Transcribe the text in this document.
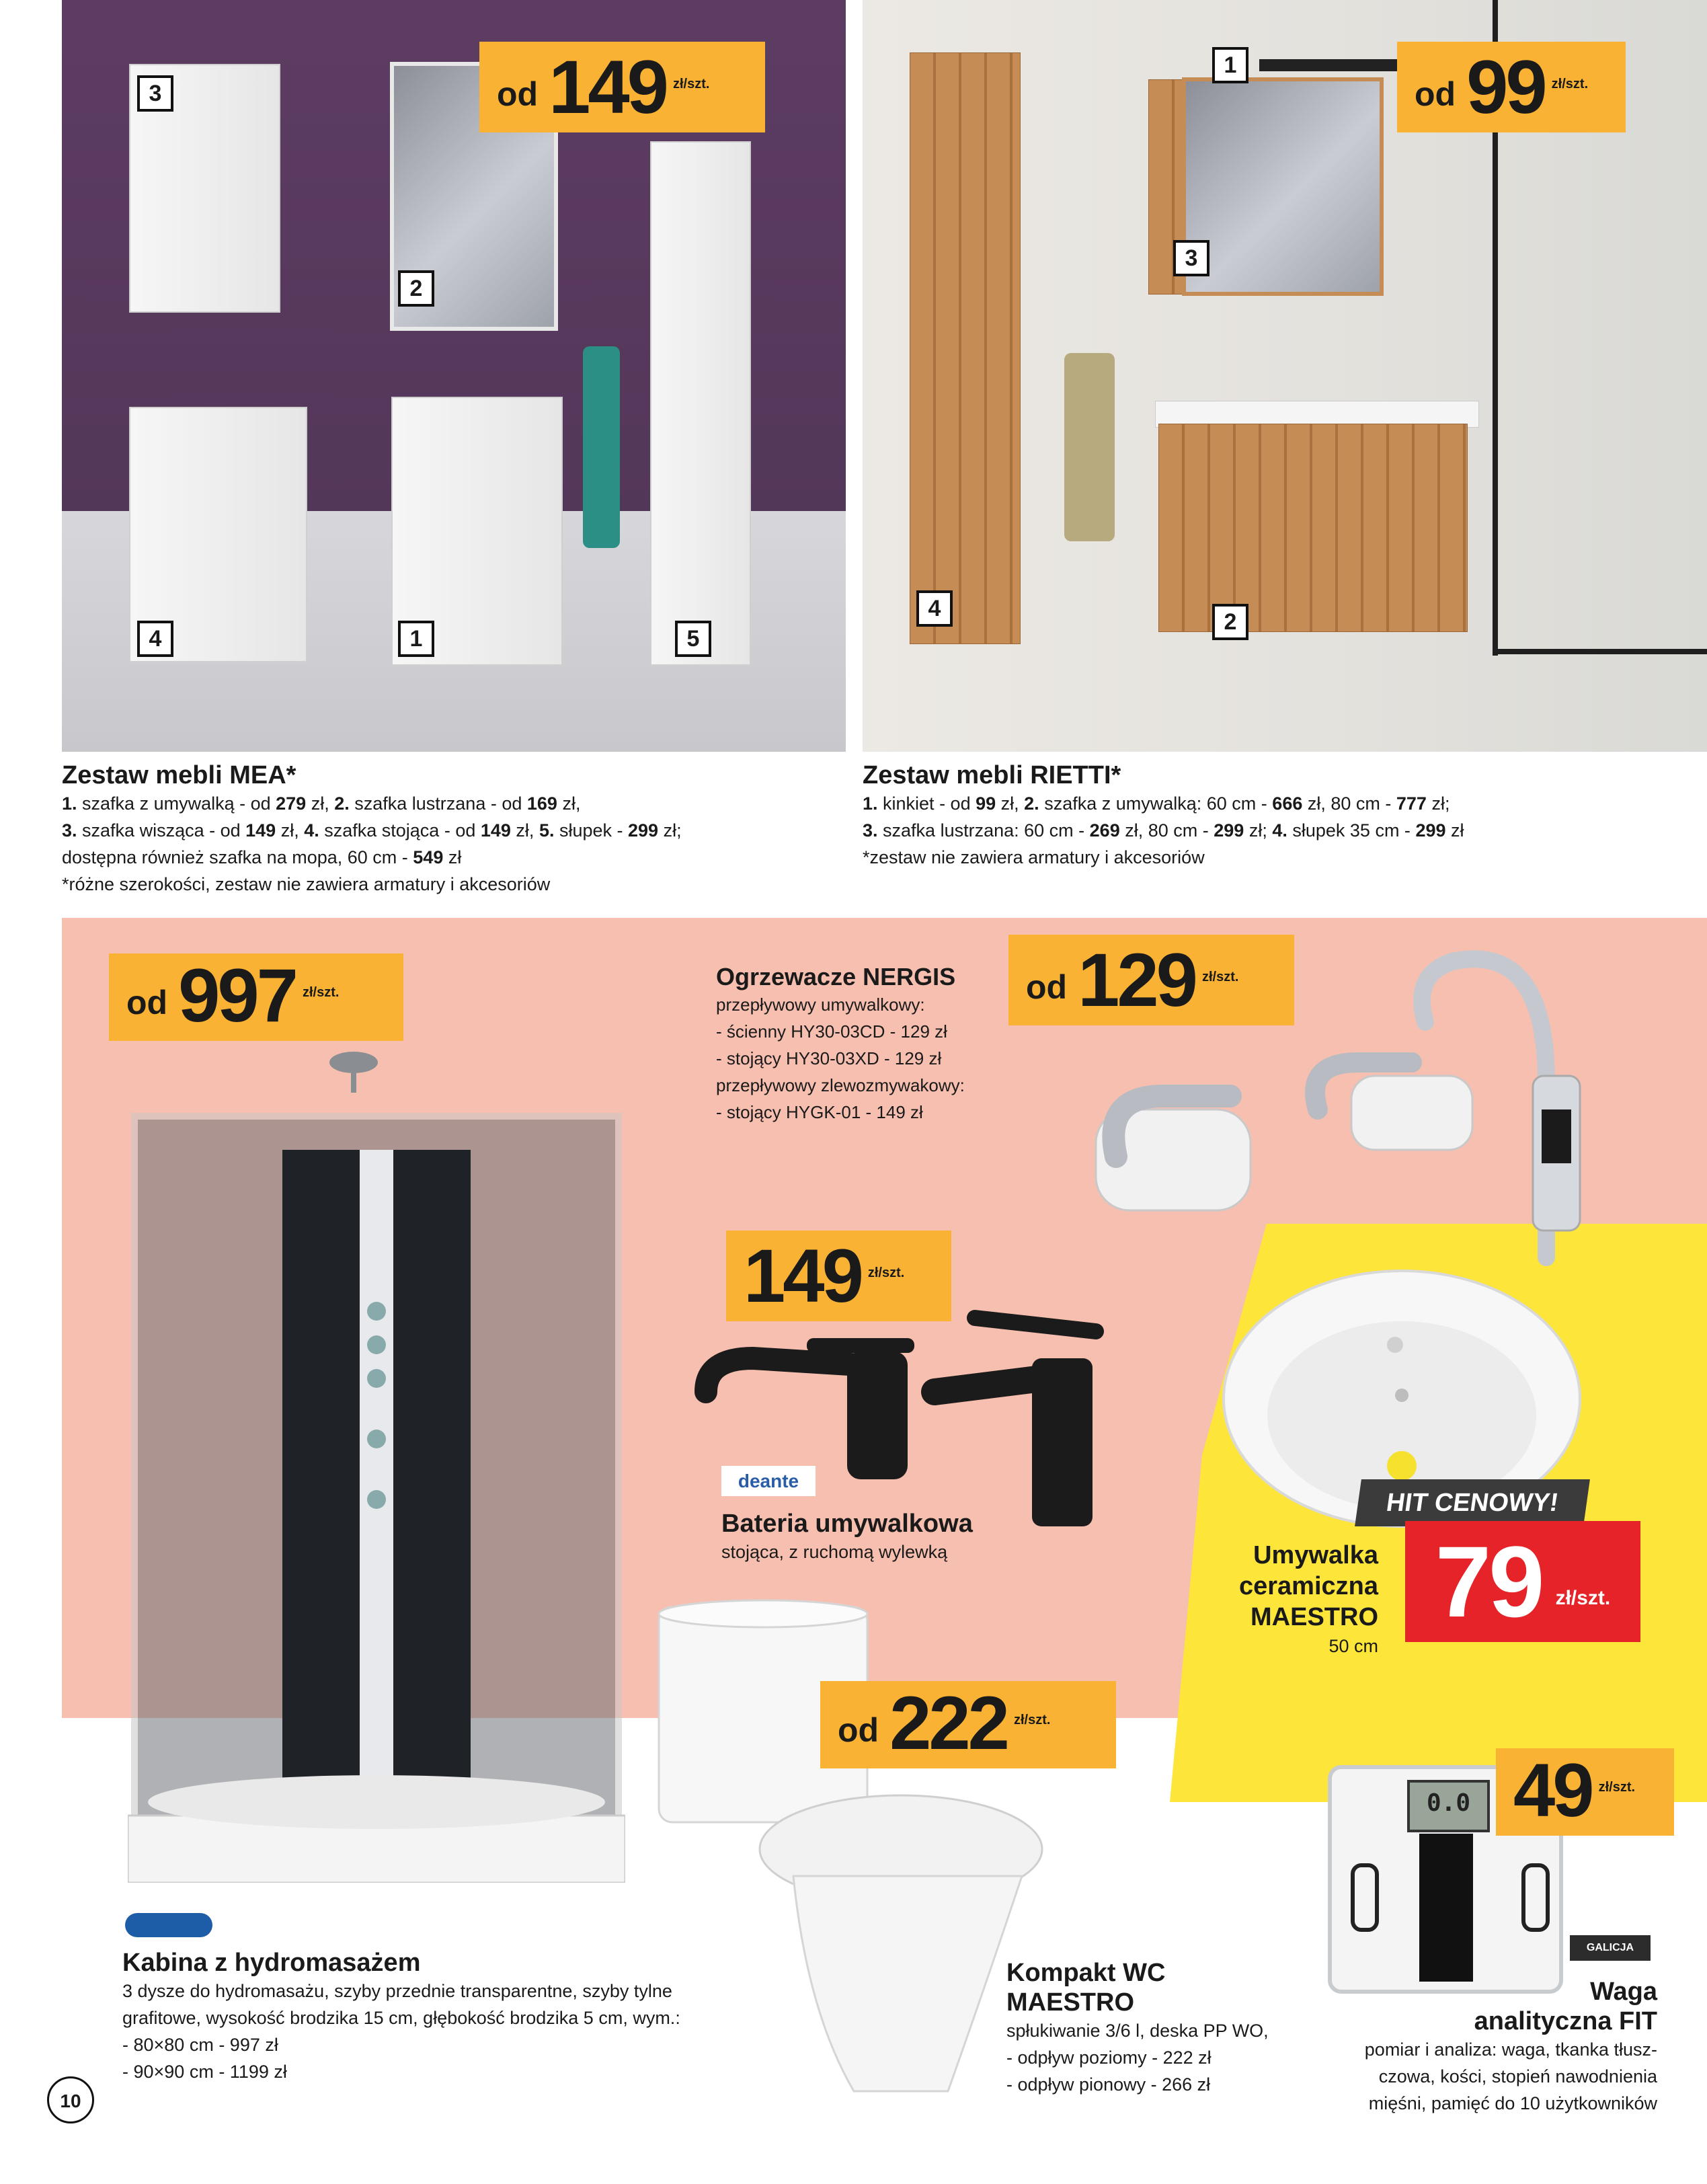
3
2
4	1	5
od 149 zł/szt.
1
3
4
2
od 99 zł/szt.
Zestaw mebli MEA*

1. szafka z umywalką - od 279 zł, 2. szafka lustrzana - od 169 zł,
3. szafka wisząca - od 149 zł, 4. szafka stojąca - od 149 zł, 5. słupek - 299 zł;
dostępna również szafka na mopa, 60 cm - 549 zł
*różne szerokości, zestaw nie zawiera armatury i akcesoriów

Zestaw mebli RIETTI*

1. kinkiet - od 99 zł, 2. szafka z umywalką: 60 cm - 666 zł, 80 cm - 777 zł;
3. szafka lustrzana: 60 cm - 269 zł, 80 cm - 299 zł; 4. słupek 35 cm - 299 zł
*zestaw nie zawiera armatury i akcesoriów

od 997 zł/szt.
Kabina z hydromasażem

3 dysze do hydromasażu, szyby przednie transparentne, szyby tylne
grafitowe, wysokość brodzika 15 cm, głębokość brodzika 5 cm, wym.:
- 80×80 cm - 997 zł
- 90×90 cm - 1199 zł

Ogrzewacze NERGIS

przepływowy umywalkowy:
- ścienny HY30-03CD - 129 zł
- stojący HY30-03XD - 129 zł
przepływowy zlewozmywakowy:
- stojący HYGK-01 - 149 zł

od 129 zł/szt.
149 zł/szt.
deante
Bateria umywalkowa

stojąca, z ruchomą wylewką

HIT CENOWY!
79 zł/szt.
Umywalka
ceramiczna
MAESTRO

50 cm

od 222 zł/szt.
Kompakt WC
MAESTRO

spłukiwanie 3/6 l, deska PP WO,
- odpływ poziomy - 222 zł
- odpływ pionowy - 266 zł

0.0 49 zł/szt.
GALICJA
Waga
analityczna FIT

pomiar i analiza: waga, tkanka tłusz-
czowa, kości, stopień nawodnienia
mięśni, pamięć do 10 użytkowników

10
